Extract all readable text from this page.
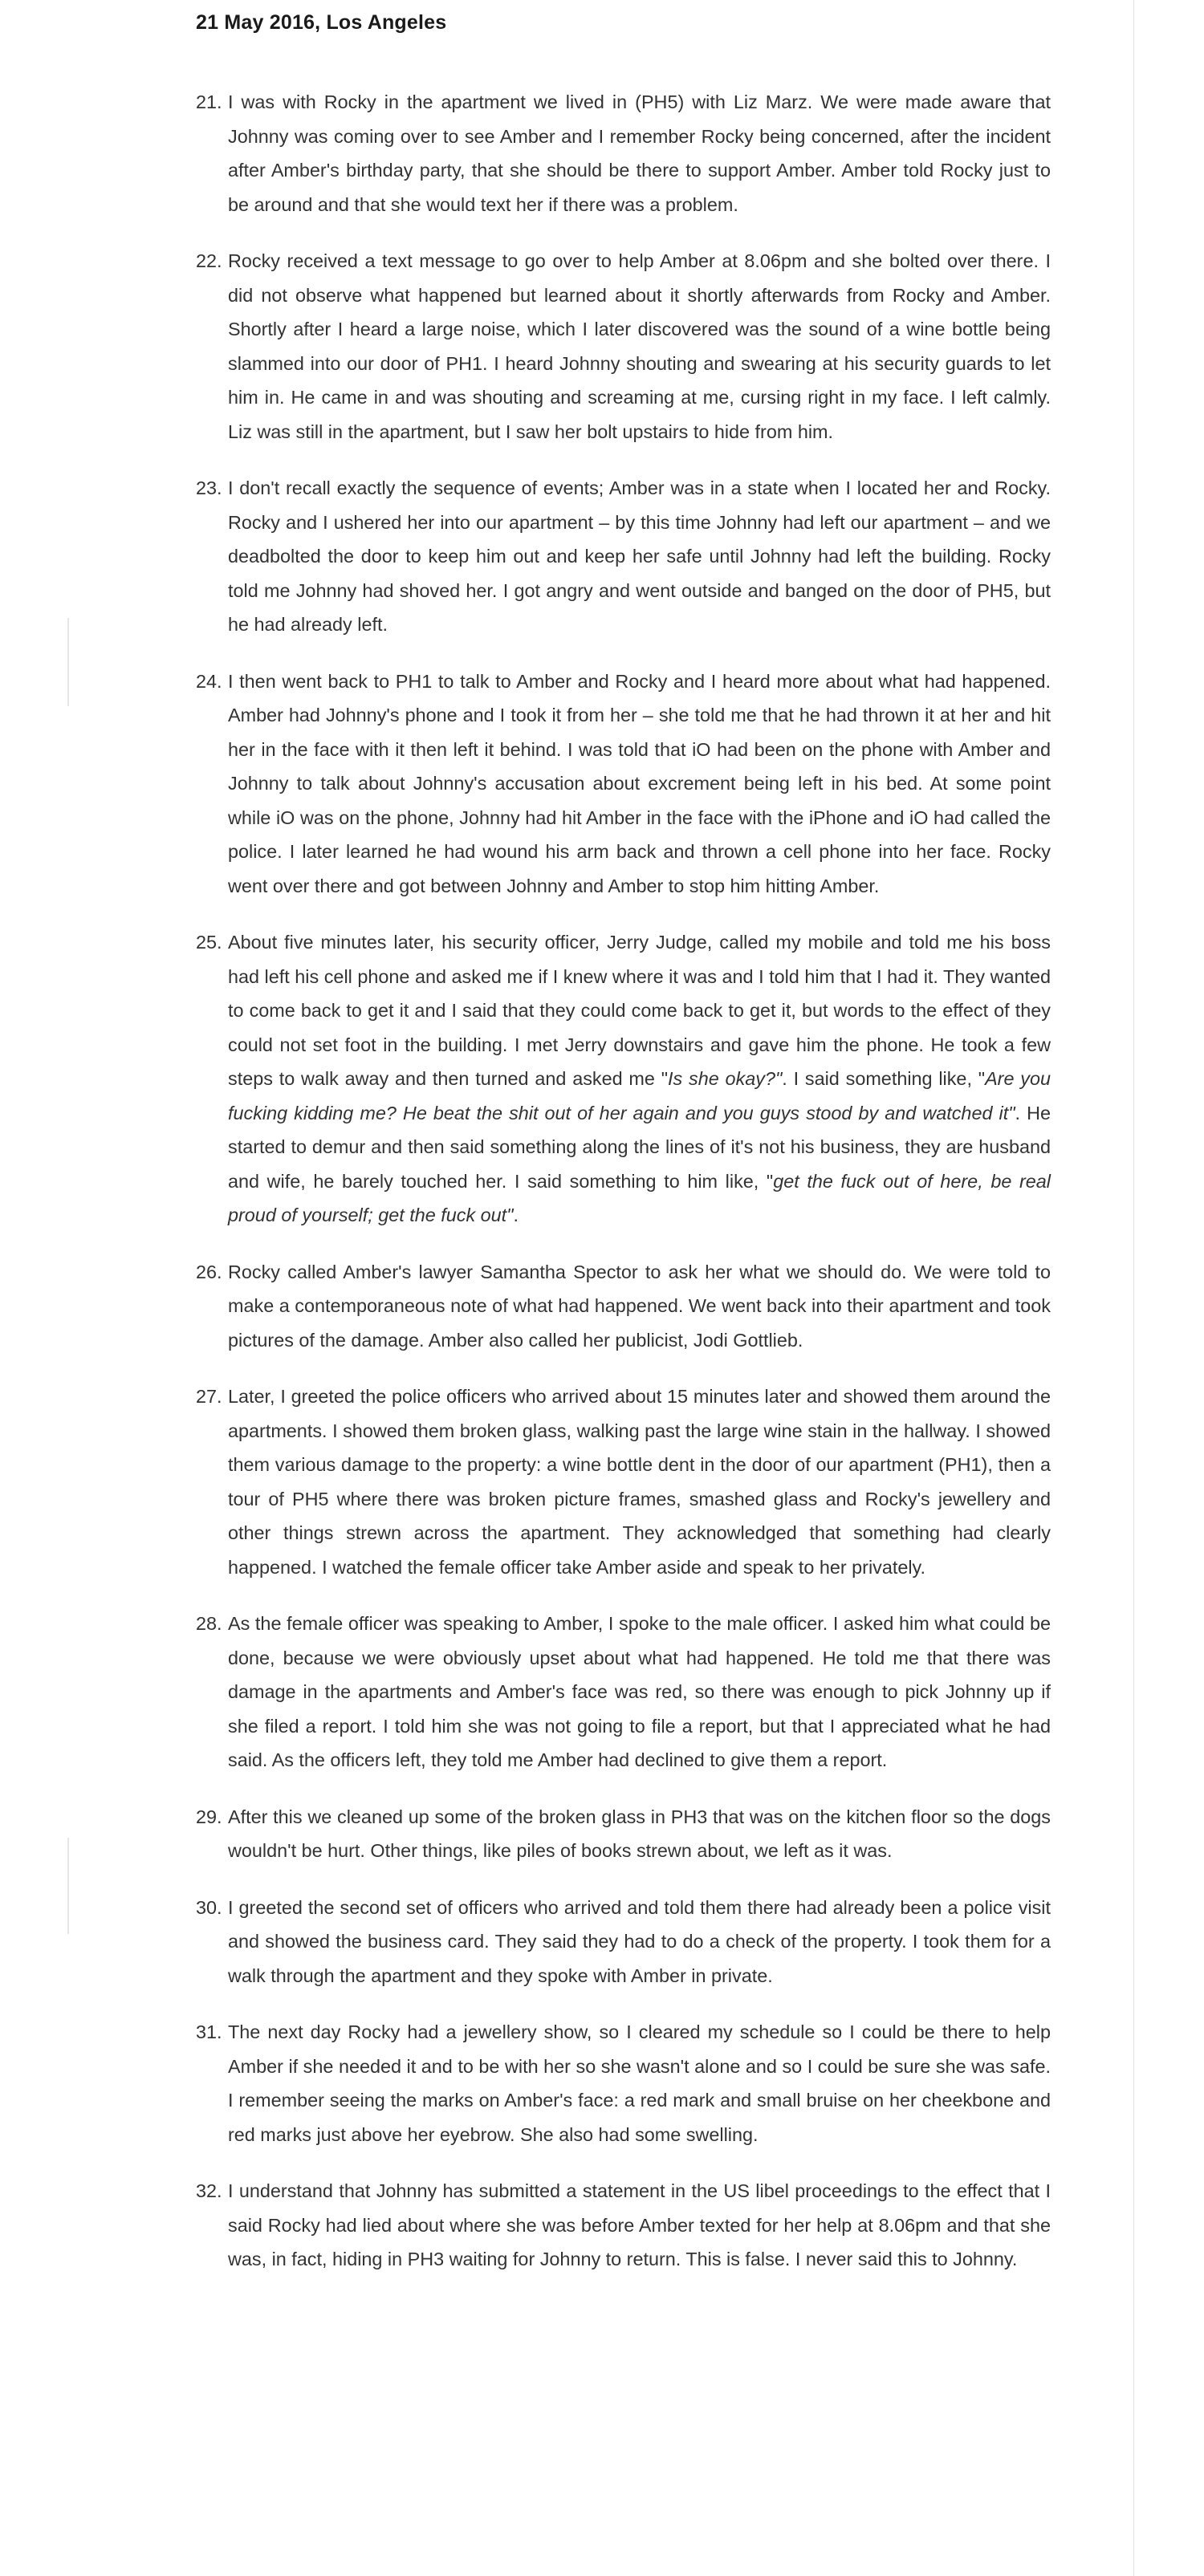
21 May 2016, Los Angeles
21. I was with Rocky in the apartment we lived in (PH5) with Liz Marz. We were made aware that Johnny was coming over to see Amber and I remember Rocky being concerned, after the incident after Amber's birthday party, that she should be there to support Amber. Amber told Rocky just to be around and that she would text her if there was a problem.
22. Rocky received a text message to go over to help Amber at 8.06pm and she bolted over there. I did not observe what happened but learned about it shortly afterwards from Rocky and Amber. Shortly after I heard a large noise, which I later discovered was the sound of a wine bottle being slammed into our door of PH1. I heard Johnny shouting and swearing at his security guards to let him in. He came in and was shouting and screaming at me, cursing right in my face. I left calmly. Liz was still in the apartment, but I saw her bolt upstairs to hide from him.
23. I don't recall exactly the sequence of events; Amber was in a state when I located her and Rocky. Rocky and I ushered her into our apartment – by this time Johnny had left our apartment – and we deadbolted the door to keep him out and keep her safe until Johnny had left the building. Rocky told me Johnny had shoved her. I got angry and went outside and banged on the door of PH5, but he had already left.
24. I then went back to PH1 to talk to Amber and Rocky and I heard more about what had happened. Amber had Johnny's phone and I took it from her – she told me that he had thrown it at her and hit her in the face with it then left it behind. I was told that iO had been on the phone with Amber and Johnny to talk about Johnny's accusation about excrement being left in his bed. At some point while iO was on the phone, Johnny had hit Amber in the face with the iPhone and iO had called the police. I later learned he had wound his arm back and thrown a cell phone into her face. Rocky went over there and got between Johnny and Amber to stop him hitting Amber.
25. About five minutes later, his security officer, Jerry Judge, called my mobile and told me his boss had left his cell phone and asked me if I knew where it was and I told him that I had it. They wanted to come back to get it and I said that they could come back to get it, but words to the effect of they could not set foot in the building. I met Jerry downstairs and gave him the phone. He took a few steps to walk away and then turned and asked me "Is she okay?". I said something like, "Are you fucking kidding me? He beat the shit out of her again and you guys stood by and watched it". He started to demur and then said something along the lines of it's not his business, they are husband and wife, he barely touched her. I said something to him like, "get the fuck out of here, be real proud of yourself; get the fuck out".
26. Rocky called Amber's lawyer Samantha Spector to ask her what we should do. We were told to make a contemporaneous note of what had happened. We went back into their apartment and took pictures of the damage. Amber also called her publicist, Jodi Gottlieb.
27. Later, I greeted the police officers who arrived about 15 minutes later and showed them around the apartments. I showed them broken glass, walking past the large wine stain in the hallway. I showed them various damage to the property: a wine bottle dent in the door of our apartment (PH1), then a tour of PH5 where there was broken picture frames, smashed glass and Rocky's jewellery and other things strewn across the apartment. They acknowledged that something had clearly happened. I watched the female officer take Amber aside and speak to her privately.
28. As the female officer was speaking to Amber, I spoke to the male officer. I asked him what could be done, because we were obviously upset about what had happened. He told me that there was damage in the apartments and Amber's face was red, so there was enough to pick Johnny up if she filed a report. I told him she was not going to file a report, but that I appreciated what he had said. As the officers left, they told me Amber had declined to give them a report.
29. After this we cleaned up some of the broken glass in PH3 that was on the kitchen floor so the dogs wouldn't be hurt. Other things, like piles of books strewn about, we left as it was.
30. I greeted the second set of officers who arrived and told them there had already been a police visit and showed the business card. They said they had to do a check of the property. I took them for a walk through the apartment and they spoke with Amber in private.
31. The next day Rocky had a jewellery show, so I cleared my schedule so I could be there to help Amber if she needed it and to be with her so she wasn't alone and so I could be sure she was safe. I remember seeing the marks on Amber's face: a red mark and small bruise on her cheekbone and red marks just above her eyebrow. She also had some swelling.
32. I understand that Johnny has submitted a statement in the US libel proceedings to the effect that I said Rocky had lied about where she was before Amber texted for her help at 8.06pm and that she was, in fact, hiding in PH3 waiting for Johnny to return. This is false. I never said this to Johnny.
